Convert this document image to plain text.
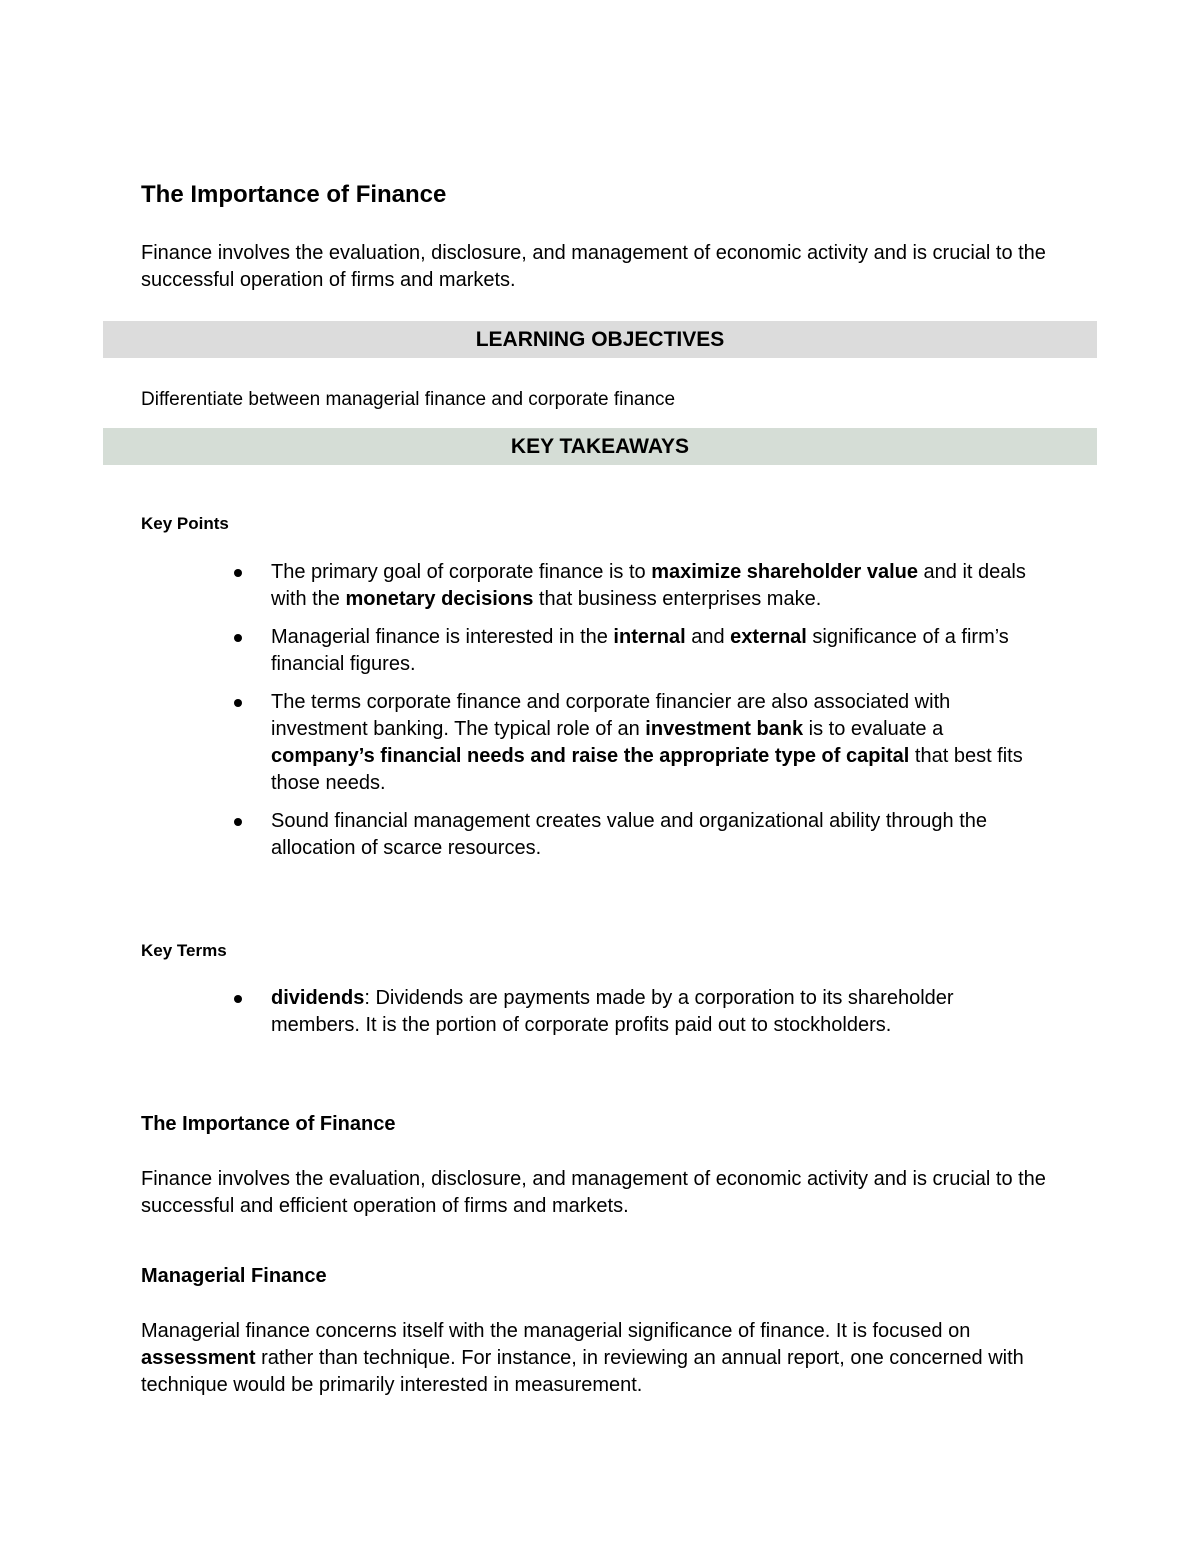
The Importance of Finance
Finance involves the evaluation, disclosure, and management of economic activity and is crucial to the successful operation of firms and markets.
LEARNING OBJECTIVES
Differentiate between managerial finance and corporate finance
KEY TAKEAWAYS
Key Points
The primary goal of corporate finance is to maximize shareholder value and it deals with the monetary decisions that business enterprises make.
Managerial finance is interested in the internal and external significance of a firm’s financial figures.
The terms corporate finance and corporate financier are also associated with investment banking. The typical role of an investment bank is to evaluate a company’s financial needs and raise the appropriate type of capital that best fits those needs.
Sound financial management creates value and organizational ability through the allocation of scarce resources.
Key Terms
dividends: Dividends are payments made by a corporation to its shareholder members. It is the portion of corporate profits paid out to stockholders.
The Importance of Finance
Finance involves the evaluation, disclosure, and management of economic activity and is crucial to the successful and efficient operation of firms and markets.
Managerial Finance
Managerial finance concerns itself with the managerial significance of finance. It is focused on assessment rather than technique. For instance, in reviewing an annual report, one concerned with technique would be primarily interested in measurement.
